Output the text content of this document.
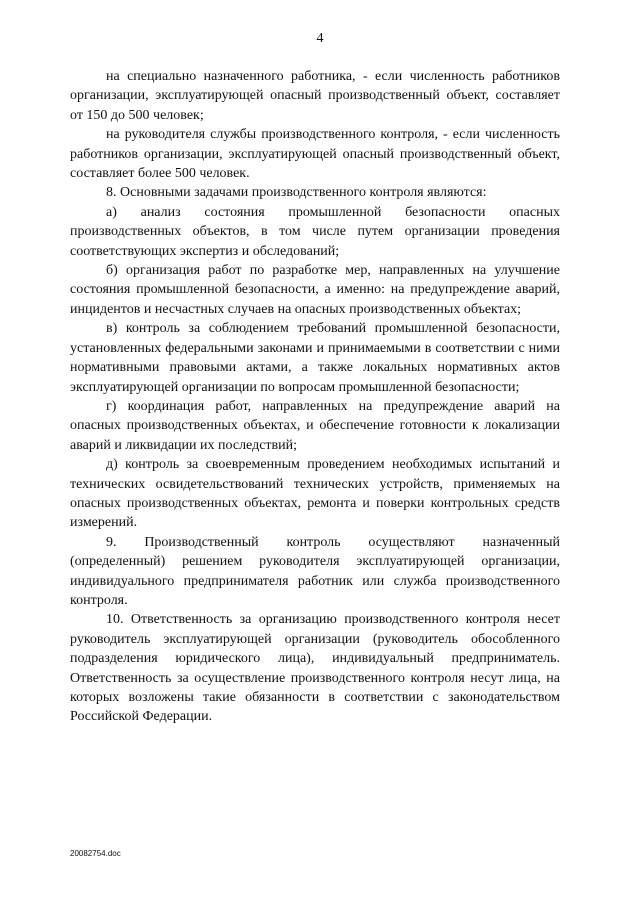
4

на специально назначенного работника, - если численность работников организации, эксплуатирующей опасный производственный объект, составляет от 150 до 500 человек;

на руководителя службы производственного контроля, - если численность работников организации, эксплуатирующей опасный производственный объект, составляет более 500 человек.

8. Основными задачами производственного контроля являются:

а) анализ состояния промышленной безопасности опасных производственных объектов, в том числе путем организации проведения соответствующих экспертиз и обследований;

б) организация работ по разработке мер, направленных на улучшение состояния промышленной безопасности, а именно: на предупреждение аварий, инцидентов и несчастных случаев на опасных производственных объектах;

в) контроль за соблюдением требований промышленной безопасности, установленных федеральными законами и принимаемыми в соответствии с ними нормативными правовыми актами, а также локальных нормативных актов эксплуатирующей организации по вопросам промышленной безопасности;

г) координация работ, направленных на предупреждение аварий на опасных производственных объектах, и обеспечение готовности к локализации аварий и ликвидации их последствий;

д) контроль за своевременным проведением необходимых испытаний и технических освидетельствований технических устройств, применяемых на опасных производственных объектах, ремонта и поверки контрольных средств измерений.

9. Производственный контроль осуществляют назначенный (определенный) решением руководителя эксплуатирующей организации, индивидуального предпринимателя работник или служба производственного контроля.

10. Ответственность за организацию производственного контроля несет руководитель эксплуатирующей организации (руководитель обособленного подразделения юридического лица), индивидуальный предприниматель. Ответственность за осуществление производственного контроля несут лица, на которых возложены такие обязанности в соответствии с законодательством Российской Федерации.

20082754.doc
